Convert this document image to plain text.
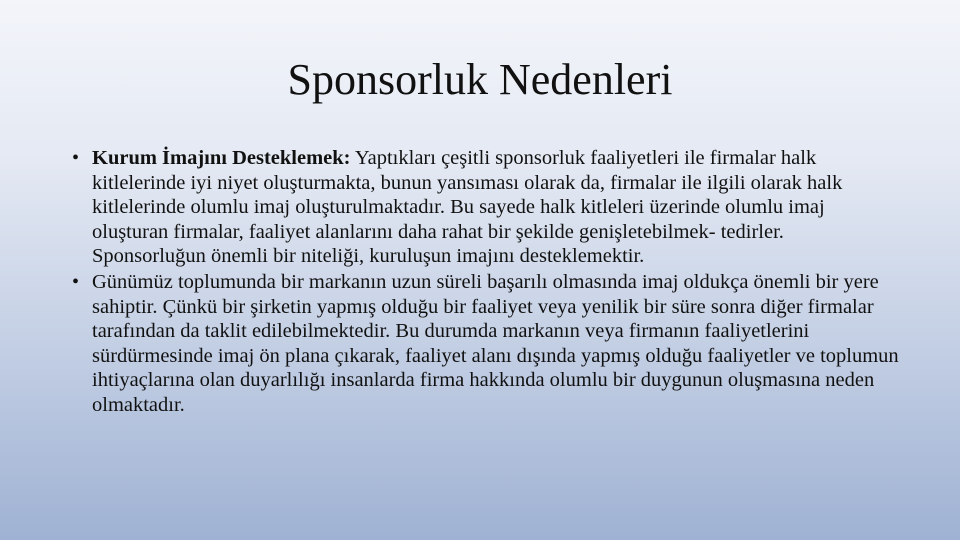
Sponsorluk Nedenleri
• Kurum İmajını Desteklemek: Yaptıkları çeşitli sponsorluk faaliyetleri ile firmalar halk kitlelerinde iyi niyet oluşturmakta, bunun yansıması olarak da, firmalar ile ilgili olarak halk kitlelerinde olumlu imaj oluşturulmaktadır. Bu sayede halk kitleleri üzerinde olumlu imaj oluşturan firmalar, faaliyet alanlarını daha rahat bir şekilde genişletebilmek- tedirler. Sponsorluğun önemli bir niteliği, kuruluşun imajını desteklemektir.
• Günümüz toplumunda bir markanın uzun süreli başarılı olmasında imaj oldukça önemli bir yere sahiptir. Çünkü bir şirketin yapmış olduğu bir faaliyet veya yenilik bir süre sonra diğer firmalar tarafından da taklit edilebilmektedir. Bu durumda markanın veya firmanın faaliyetlerini sürdürmesinde imaj ön plana çıkarak, faaliyet alanı dışında yapmış olduğu faaliyetler ve toplumun ihtiyaçlarına olan duyarlılığı insanlarda firma hakkında olumlu bir duygunun oluşmasına neden olmaktadır.
